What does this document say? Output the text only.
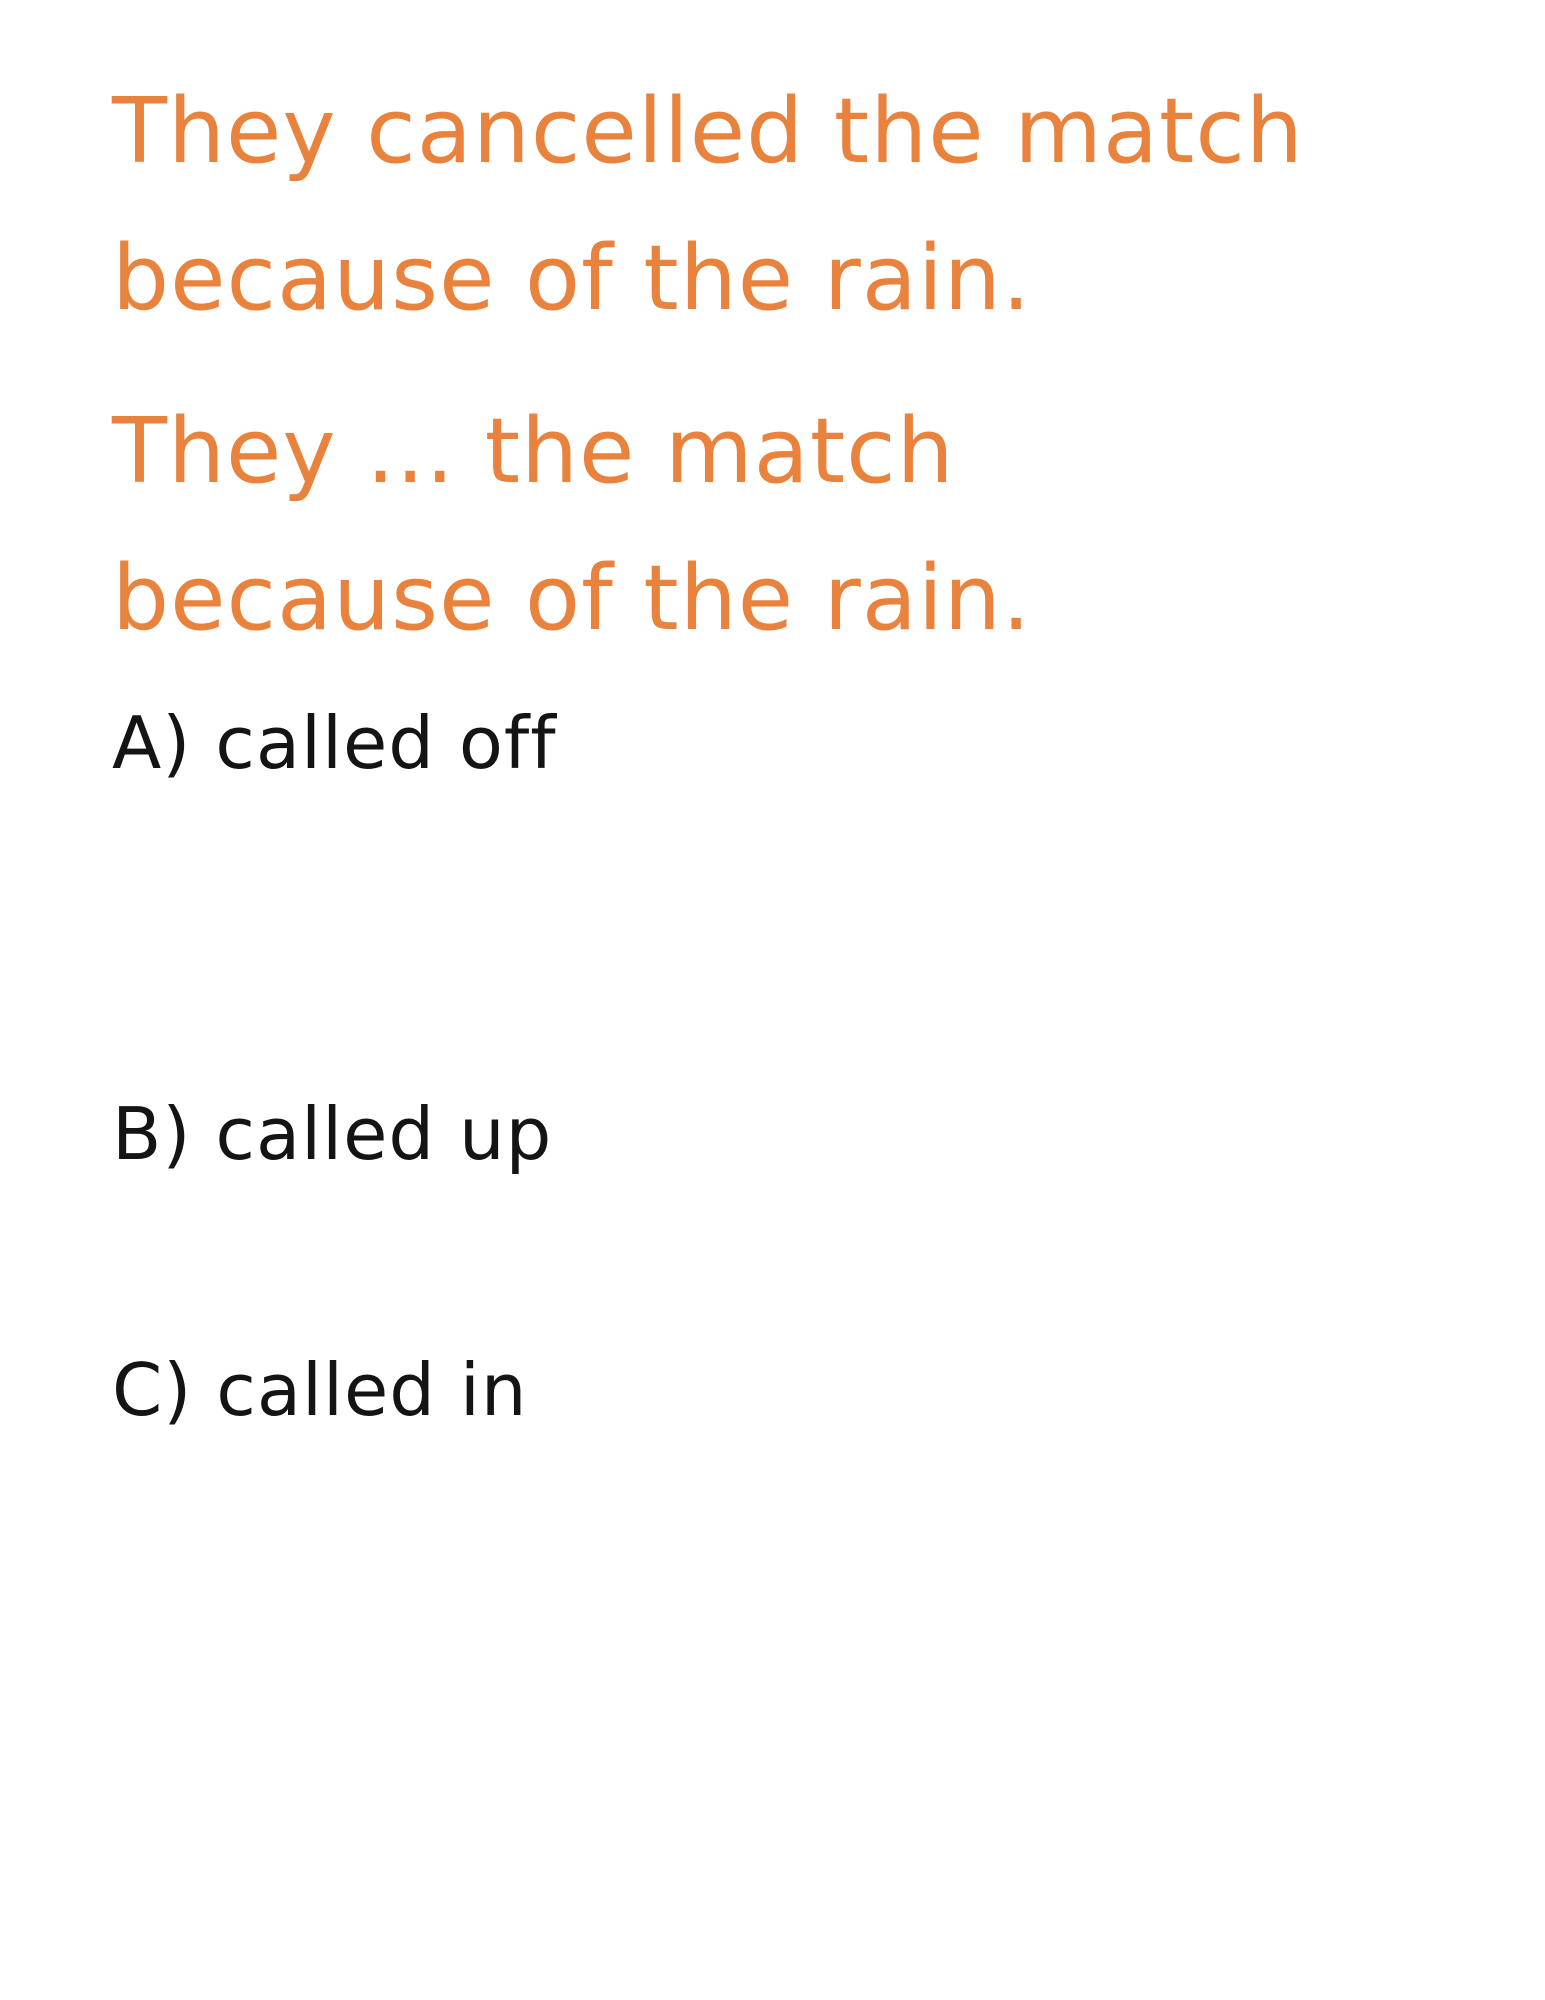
They cancelled the match
because of the rain.

They ... the match
because of the rain.

A) called off
B) called up
C) called in
